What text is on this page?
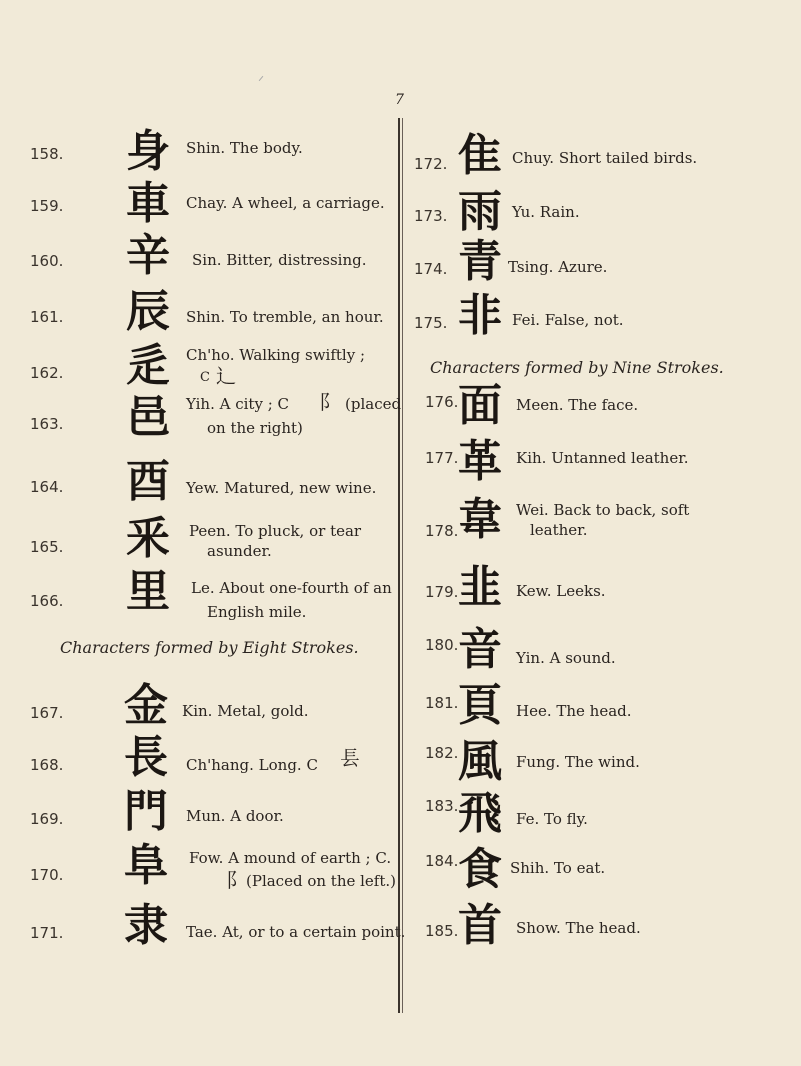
7
158. 身	Shin. The body.
159. 車	Chay. A wheel, a carriage.
160. 辛	Sin. Bitter, distressing.
161. 辰	Shin. To tremble, an hour.
162. 辵	Ch'ho. Walking swiftly ;
C 辶
163. 邑	Yih. A city ; C 阝 (placed
on the right)
164. 酉	Yew. Matured, new wine.
165. 釆	Peen. To pluck, or tear
asunder.
166. 里	Le. About one-fourth of an
English mile.
Characters formed by Eight Strokes.
167. 金 Kin. Metal, gold.
168. 長	Ch'hang. Long. C 镸
169. 門	Mun. A door.
170. 阜	Fow. A mound of earth ; C.
阝 (Placed on the left.)
171. 隶	Tae. At, or to a certain point.
172. 隹 Chuy. Short tailed birds.
173. 雨 Yu. Rain.
174. 青 Tsing. Azure.
175. 非 Fei. False, not.
Characters formed by Nine Strokes.
176. 面 Meen. The face.
177. 革 Kih. Untanned leather.
178. 韋 Wei. Back to back, soft
leather.
179. 韭 Kew. Leeks.
180. 音 Yin. A sound.
181. 頁 Hee. The head.
182. 風 Fung. The wind.
183. 飛 Fe. To fly.
184. 食 Shih. To eat.
185. 首 Show. The head.
